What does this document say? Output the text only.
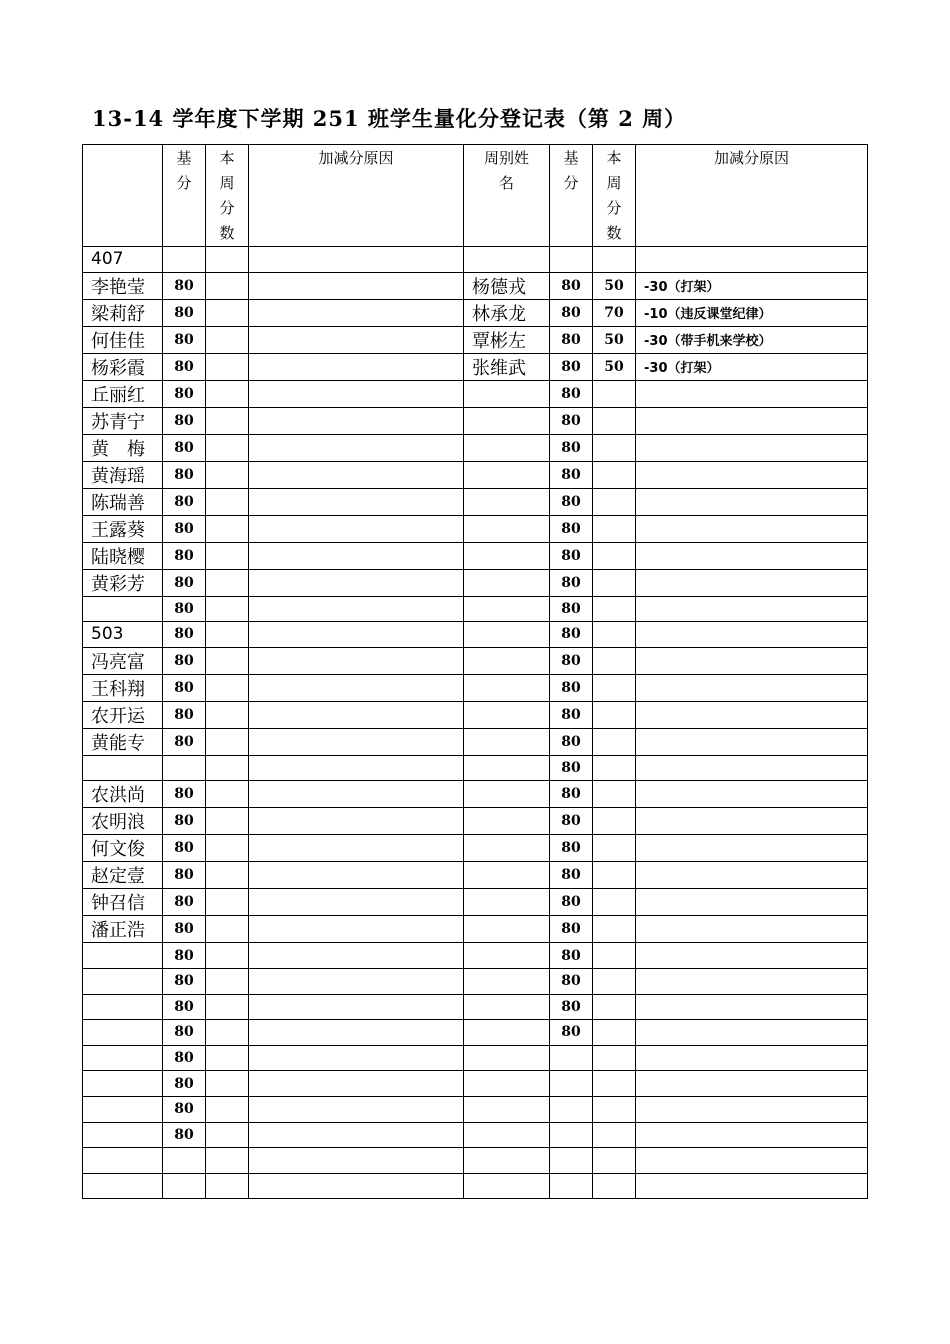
13-14 学年度下学期 251 班学生量化分登记表（第 2 周）
	基分	本周分数	加减分原因	周别姓名	基分	本周分数	加减分原因
407							
李艳莹	80			杨德戎	80	50	-30（打架）
梁莉舒	80			林承龙	80	70	-10（违反课堂纪律）
何佳佳	80			覃彬左	80	50	-30（带手机来学校）
杨彩霞	80			张维武	80	50	-30（打架）
丘丽红	80				80		
苏青宁	80				80		
黄　梅	80				80		
黄海瑶	80				80		
陈瑞善	80				80		
王露葵	80				80		
陆晓樱	80				80		
黄彩芳	80				80		
	80				80		
503	80				80		
冯亮富	80				80		
王科翔	80				80		
农开运	80				80		
黄能专	80				80		
					80		
农洪尚	80				80		
农明浪	80				80		
何文俊	80				80		
赵定壹	80				80		
钟召信	80				80		
潘正浩	80				80		
	80				80		
	80				80		
	80				80		
	80				80		
	80						
	80						
	80						
	80						
